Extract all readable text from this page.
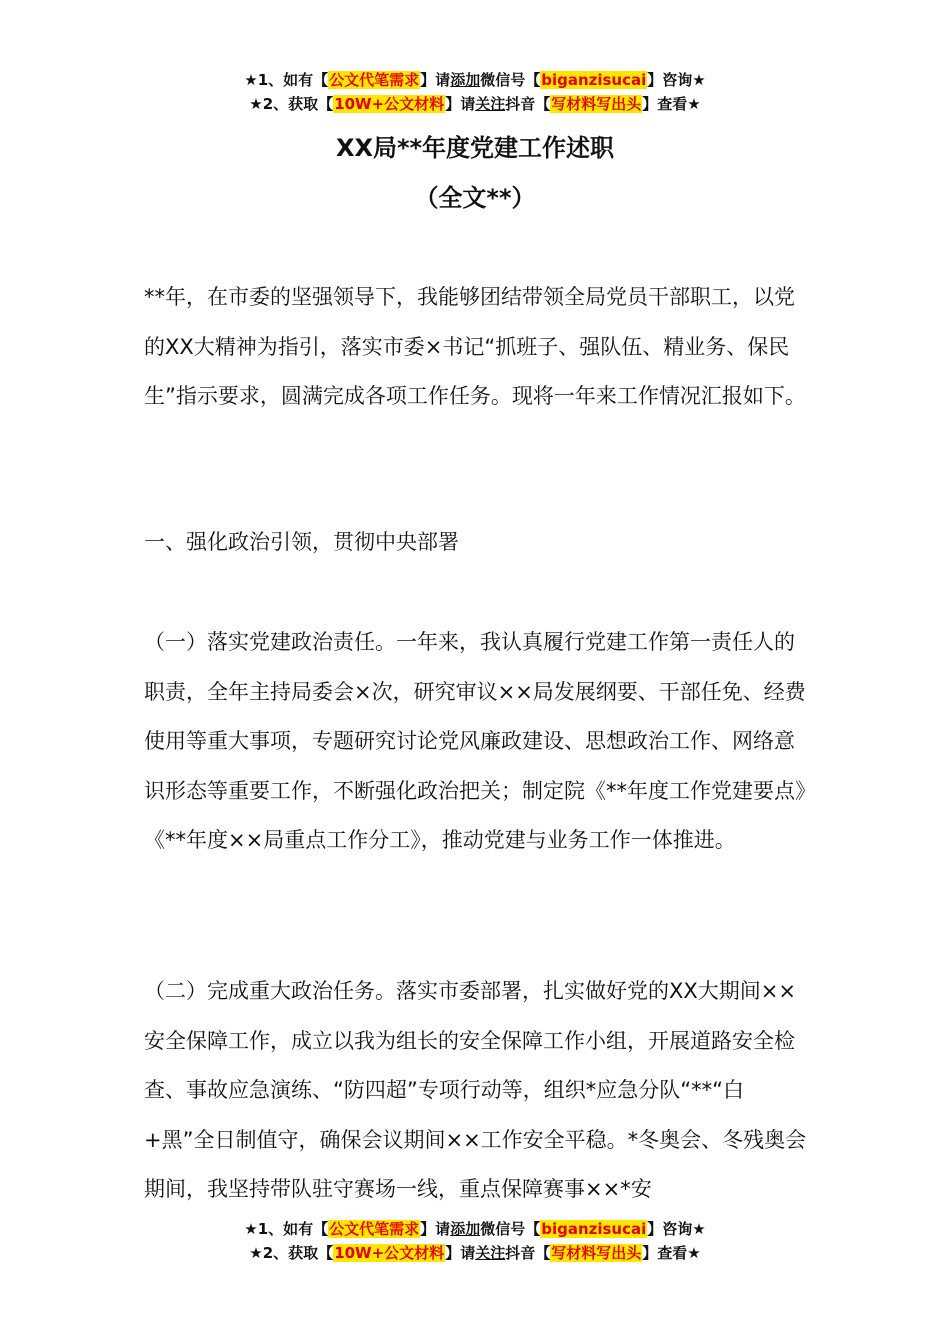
★1、如有【公文代笔需求】请添加微信号【biganzisucai】咨询★
★2、获取【10W+公文材料】请关注抖音【写材料写出头】查看★
XX局**年度党建工作述职
（全文**）

**年，在市委的坚强领导下，我能够团结带领全局党员干部职工，以党的XX大精神为指引，落实市委×书记“抓班子、强队伍、精业务、保民生”指示要求，圆满完成各项工作任务。现将一年来工作情况汇报如下。

一、强化政治引领，贯彻中央部署

（一）落实党建政治责任。一年来，我认真履行党建工作第一责任人的职责，全年主持局委会×次，研究审议××局发展纲要、干部任免、经费使用等重大事项，专题研究讨论党风廉政建设、思想政治工作、网络意识形态等重要工作，不断强化政治把关；制定院《**年度工作党建要点》《**年度××局重点工作分工》，推动党建与业务工作一体推进。

（二）完成重大政治任务。落实市委部署，扎实做好党的XX大期间××安全保障工作，成立以我为组长的安全保障工作小组，开展道路安全检查、事故应急演练、“防四超”专项行动等，组织*应急分队“**“白+黑”全日制值守，确保会议期间××工作安全平稳。*冬奥会、冬残奥会期间，我坚持带队驻守赛场一线，重点保障赛事××*安

★1、如有【公文代笔需求】请添加微信号【biganzisucai】咨询★
★2、获取【10W+公文材料】请关注抖音【写材料写出头】查看★
